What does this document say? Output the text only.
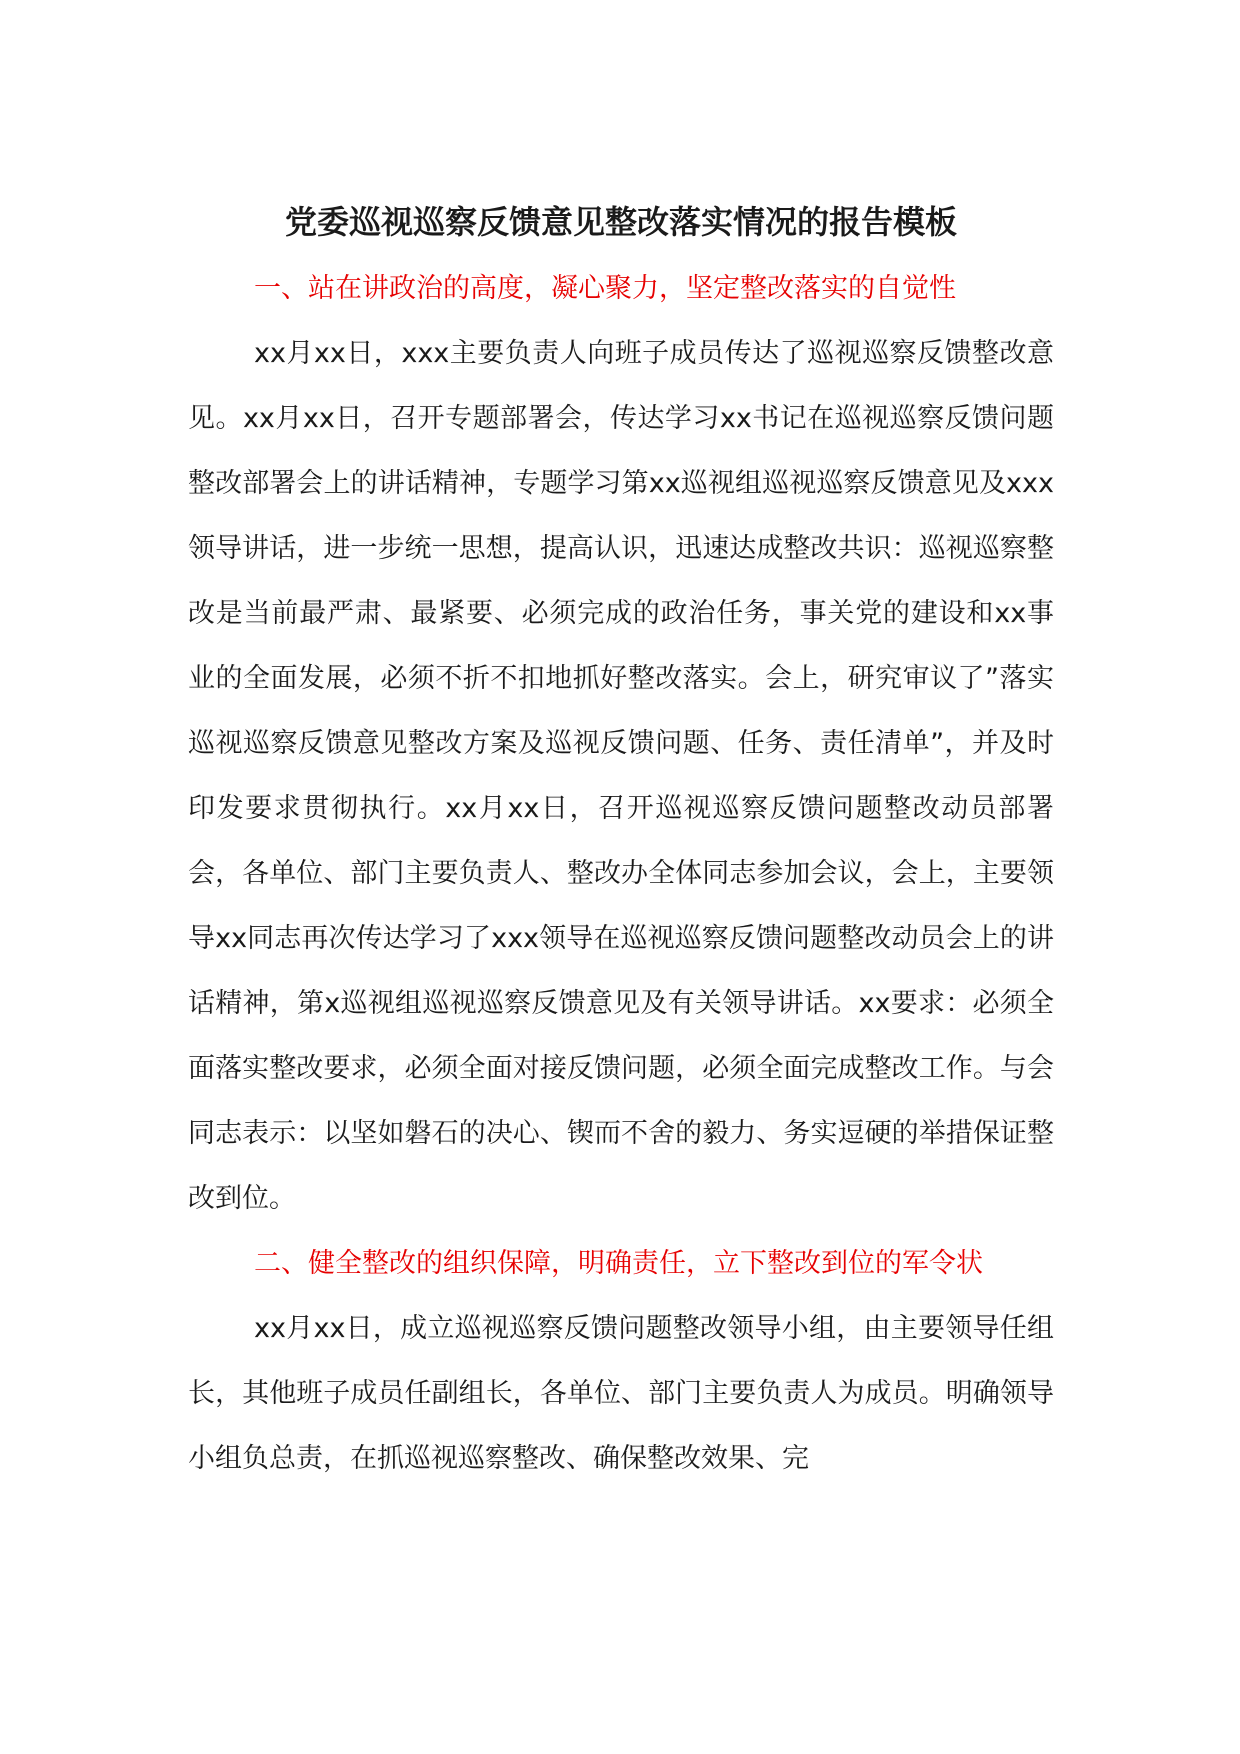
党委巡视巡察反馈意见整改落实情况的报告模板
一、站在讲政治的高度，凝心聚力，坚定整改落实的自觉性

xx月xx日，xxx主要负责人向班子成员传达了巡视巡察反馈整改意见。xx月xx日，召开专题部署会，传达学习xx书记在巡视巡察反馈问题整改部署会上的讲话精神，专题学习第xx巡视组巡视巡察反馈意见及xxx领导讲话，进一步统一思想，提高认识，迅速达成整改共识：巡视巡察整改是当前最严肃、最紧要、必须完成的政治任务，事关党的建设和xx事业的全面发展，必须不折不扣地抓好整改落实。会上，研究审议了”落实巡视巡察反馈意见整改方案及巡视反馈问题、任务、责任清单”，并及时印发要求贯彻执行。xx月xx日，召开巡视巡察反馈问题整改动员部署会，各单位、部门主要负责人、整改办全体同志参加会议，会上，主要领导xx同志再次传达学习了xxx领导在巡视巡察反馈问题整改动员会上的讲话精神，第x巡视组巡视巡察反馈意见及有关领导讲话。xx要求：必须全面落实整改要求，必须全面对接反馈问题，必须全面完成整改工作。与会同志表示：以坚如磐石的决心、锲而不舍的毅力、务实逗硬的举措保证整改到位。

二、健全整改的组织保障，明确责任，立下整改到位的军令状

xx月xx日，成立巡视巡察反馈问题整改领导小组，由主要领导任组长，其他班子成员任副组长，各单位、部门主要负责人为成员。明确领导小组负总责，在抓巡视巡察整改、确保整改效果、完
